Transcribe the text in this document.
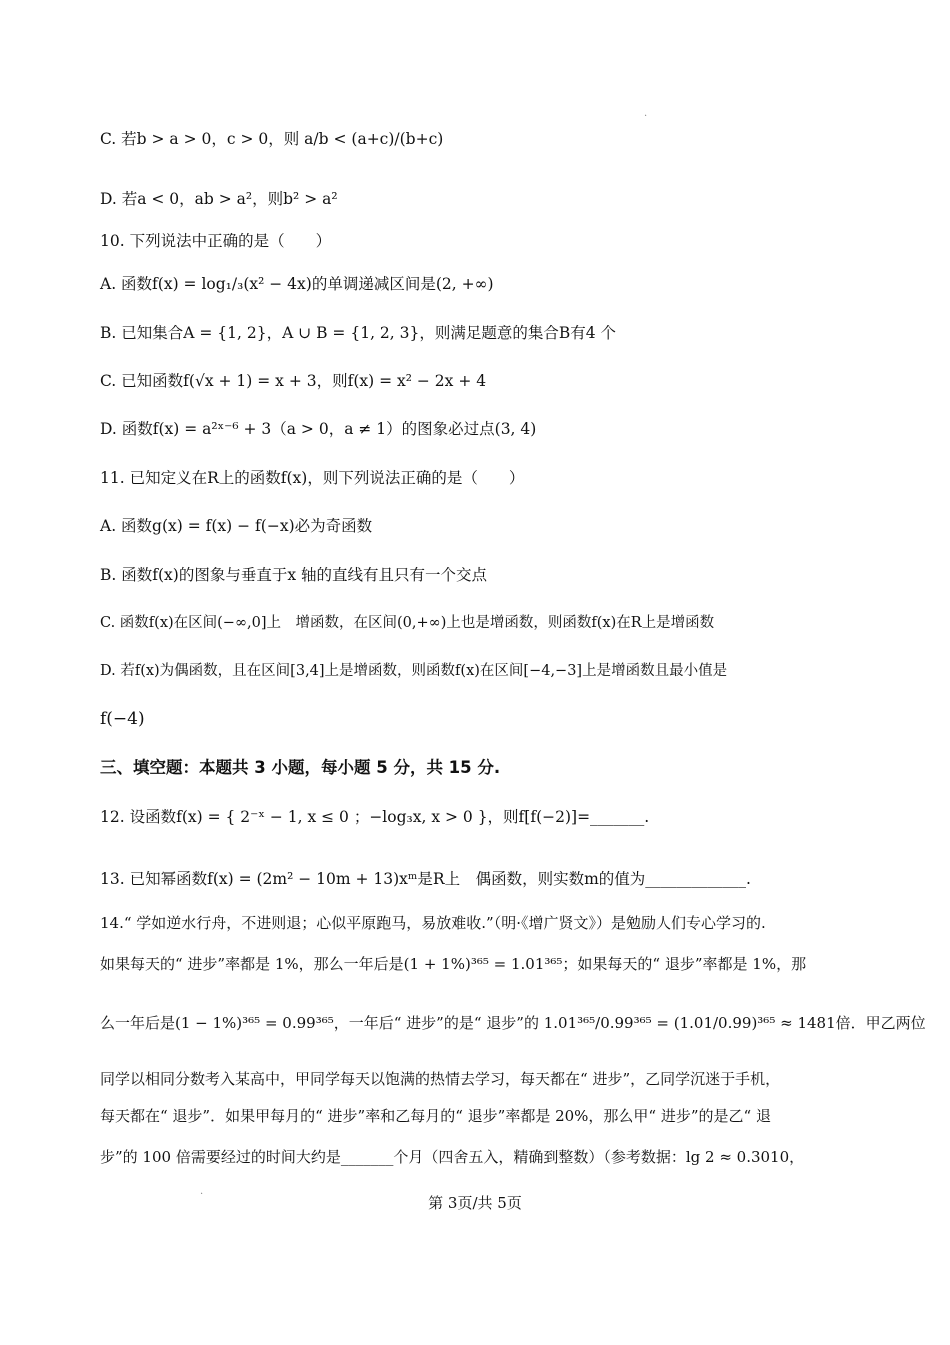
.
C. 若b > a > 0，c > 0，则 a/b < (a+c)/(b+c)
D. 若a < 0，ab > a²，则b² > a²
10. 下列说法中正确的是（　　）
A. 函数f(x) = log₁/₃(x² − 4x)的单调递减区间是(2, +∞)
B. 已知集合A = {1, 2}，A ∪ B = {1, 2, 3}，则满足题意的集合B有4 个
C. 已知函数f(√x + 1) = x + 3，则f(x) = x² − 2x + 4
D. 函数f(x) = a²ˣ⁻⁶ + 3（a > 0，a ≠ 1）的图象必过点(3, 4)
11. 已知定义在R上的函数f(x)，则下列说法正确的是（　　）
A. 函数g(x) = f(x) − f(−x)必为奇函数
B. 函数f(x)的图象与垂直于x 轴的直线有且只有一个交点
C. 函数f(x)在区间(−∞,0]上　增函数，在区间(0,+∞)上也是增函数，则函数f(x)在R上是增函数
D. 若f(x)为偶函数，且在区间[3,4]上是增函数，则函数f(x)在区间[−4,−3]上是增函数且最小值是
f(−4)
三、填空题：本题共 3 小题，每小题 5 分，共 15 分.
12. 设函数f(x) = { 2⁻ˣ − 1, x ≤ 0 ；−log₃x, x > 0 }，则f[f(−2)]=_______.
13. 已知幂函数f(x) = (2m² − 10m + 13)xᵐ是R上　偶函数，则实数m的值为_____________.
14.“ 学如逆水行舟，不进则退；心似平原跑马，易放难收.”（明·《增广贤文》）是勉励人们专心学习的.
如果每天的“ 进步”率都是 1%，那么一年后是(1 + 1%)³⁶⁵ = 1.01³⁶⁵；如果每天的“ 退步”率都是 1%，那
么一年后是(1 − 1%)³⁶⁵ = 0.99³⁶⁵，一年后“ 进步”的是“ 退步”的 1.01³⁶⁵/0.99³⁶⁵ = (1.01/0.99)³⁶⁵ ≈ 1481倍．甲乙两位
同学以相同分数考入某高中，甲同学每天以饱满的热情去学习，每天都在“ 进步”，乙同学沉迷于手机，
每天都在“ 退步”．如果甲每月的“ 进步”率和乙每月的“ 退步”率都是 20%，那么甲“ 进步”的是乙“ 退
步”的 100 倍需要经过的时间大约是_______个月（四舍五入，精确到整数）（参考数据：lg 2 ≈ 0.3010，
.
第 3页/共 5页
